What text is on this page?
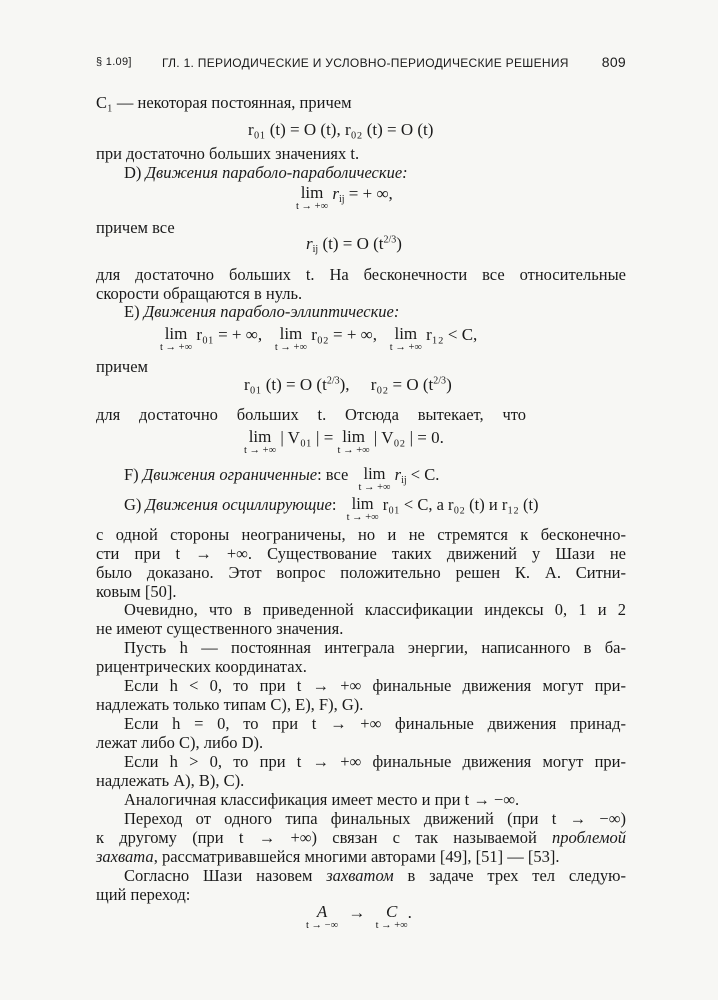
§ 1.09]	ГЛ. 1. ПЕРИОДИЧЕСКИЕ И УСЛОВНО-ПЕРИОДИЧЕСКИЕ РЕШЕНИЯ 809
C₁ — некоторая постоянная, причем
r₀₁ (t) = O (t), r₀₂ (t) = O (t)
при достаточно больших значениях t.
D) Движения параболо-параболические:
lim
t → +∞
$r_{ij}$ = + ∞,
причем все
$r_{ij}$ (t) = O $(t^{2/3})$
для достаточно больших t. На бесконечности все относительные
скорости обращаются в нуль.
E) Движения параболо-эллиптические:
lim
t → +∞
r₀₁ = + ∞, lim
t → +∞
r₀₂ = + ∞, lim
t → +∞
r₁₂ < C,
причем
r₀₁ (t) = O $(t^{2/3})$, r₀₂ = O $(t^{2/3})$
для достаточно больших t. Отсюда вытекает, что
lim
t → +∞
| V₀₁ | = lim
t → +∞
| V₀₂ | = 0.
F) Движения ограниченные: все lim
t → +∞
$r_{ij} < C$.
G) Движения осциллирующие: lim
t → +∞
r₀₁ < C, а r₀₂ (t) и r₁₂ (t)
с одной стороны неограничены, но и не стремятся к бесконечно-
сти при t → +∞. Существование таких движений у Шази не
было доказано. Этот вопрос положительно решен К. А. Ситни-
ковым [50].
Очевидно, что в приведенной классификации индексы 0, 1 и 2
не имеют существенного значения.
Пусть h — постоянная интеграла энергии, написанного в ба-
рицентрических координатах.
Если h < 0, то при t → +∞ финальные движения могут при-
надлежать только типам C), E), F), G).
Если h = 0, то при t → +∞ финальные движения принад-
лежат либо C), либо D).
Если h > 0, то при t → +∞ финальные движения могут при-
надлежать A), B), C).
Аналогичная классификация имеет место и при t → −∞.
Переход от одного типа финальных движений (при t → −∞)
к другому (при t → +∞) связан с так называемой проблемой
захвата, рассматривавшейся многими авторами [49], [51] — [53].
Согласно Шази назовем захватом в задаче трех тел следую-
щий переход:
A
t → −∞
→	C
t → +∞
.
